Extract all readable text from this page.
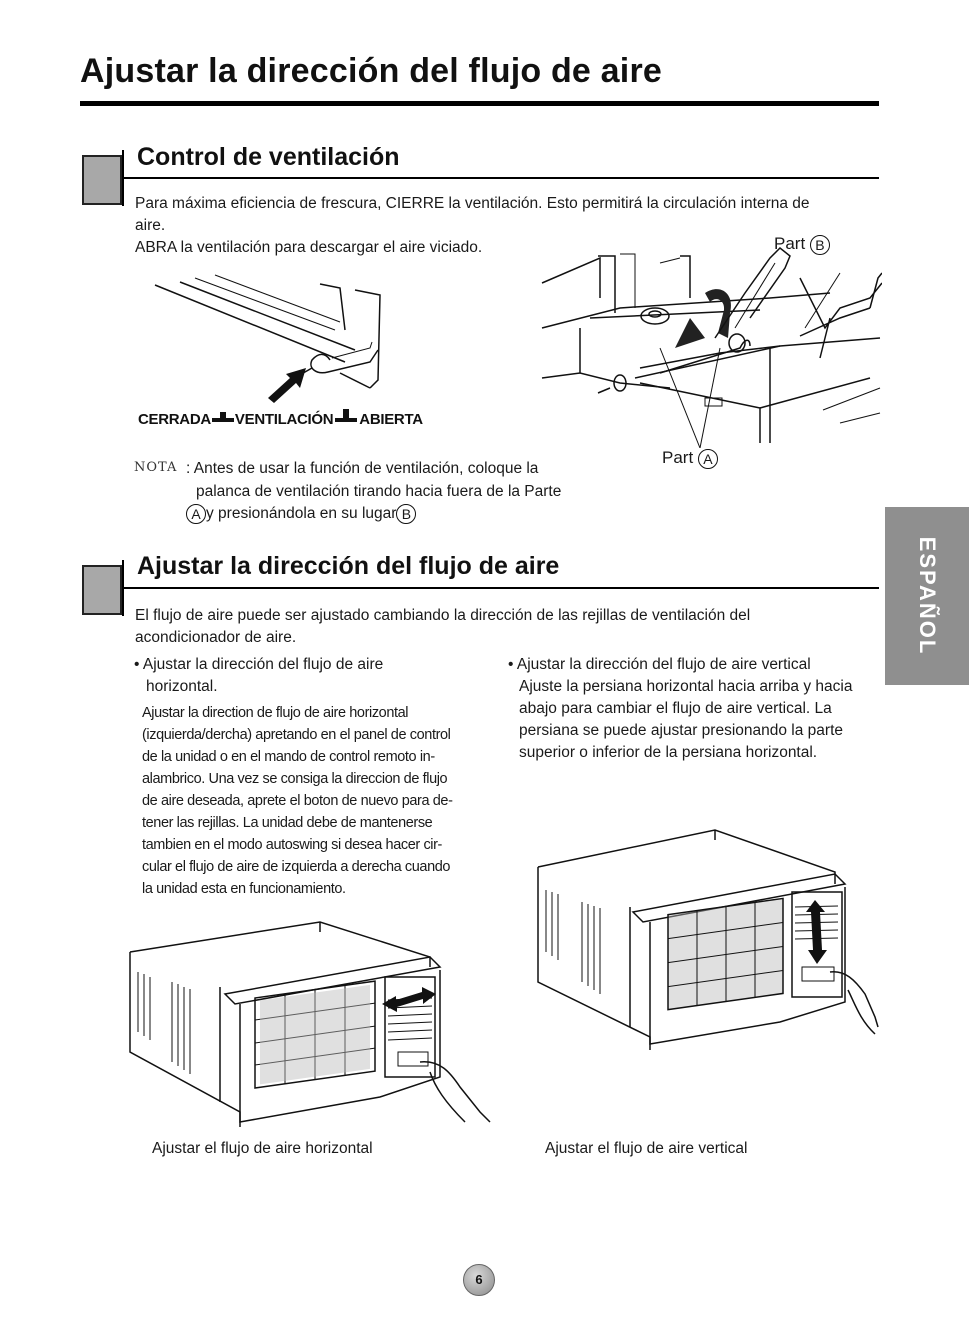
Ajustar la dirección del flujo de aire
Control de ventilación
Para máxima eficiencia de frescura, CIERRE la ventilación. Esto permitirá la circulación interna de
aire.
ABRA la ventilación para descargar el aire viciado.
CERRADA VENTILACIÓN ABIERTA
Part B
Part A
NOTA : Antes de usar la función de ventilación, coloque la
palanca de ventilación tirando hacia fuera de la Parte
A y presionándola en su lugar B
Ajustar la dirección del flujo de aire
El flujo de aire puede ser ajustado cambiando la dirección de las rejillas de ventilación del
acondicionador de aire.
• Ajustar la dirección del flujo de aire
horizontal.
Ajustar la direction de flujo de aire horizontal
(izquierda/dercha) apretando en el panel de control
de la unidad o en el mando de control remoto in-
alambrico. Una vez se consiga la direccion de flujo
de aire deseada, aprete el boton de nuevo para de-
tener las rejillas. La unidad debe de mantenerse
tambien en el modo autoswing si desea hacer cir-
cular el flujo de aire de izquierda a derecha cuando
la unidad esta en funcionamiento.
• Ajustar la dirección del flujo de aire vertical
Ajuste la persiana horizontal hacia arriba y hacia
abajo para cambiar el flujo de aire vertical. La
persiana se puede ajustar presionando la parte
superior o inferior de la persiana horizontal.
Ajustar el flujo de aire horizontal	Ajustar el flujo de aire vertical
ESPAÑOL
6
